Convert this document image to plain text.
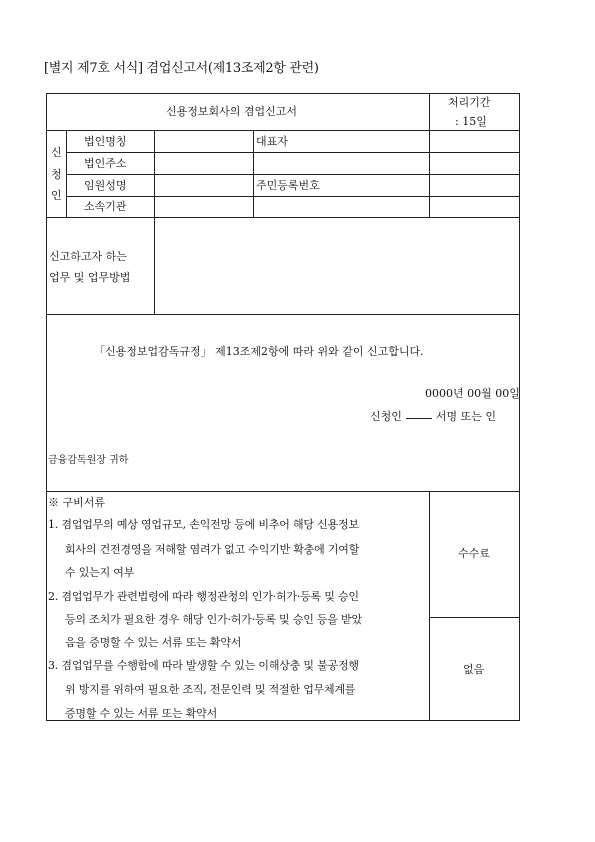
[별지 제7호 서식] 겸업신고서(제13조제2항 관련)
신용정보회사의 겸업신고서
처리기간
: 15일
신
청
인
법인명칭	대표자
법인주소
임원성명	주민등록번호
소속기관
신고하고자 하는
업무 및 업무방법
「신용정보업감독규정」 제13조제2항에 따라 위와 같이 신고합니다.
0000년 00월 00일
신청인	서명 또는 인
금융감독원장 귀하
※ 구비서류
1. 겸업업무의 예상 영업규모, 손익전망 등에 비추어 해당 신용정보
회사의 건전경영을 저해할 염려가 없고 수익기반 확충에 기여할
수 있는지 여부
2. 겸업업무가 관련법령에 따라 행정관청의 인가·허가·등록 및 승인
등의 조치가 필요한 경우 해당 인가·허가·등록 및 승인 등을 받았
음을 증명할 수 있는 서류 또는 확약서
3. 겸업업무를 수행함에 따라 발생할 수 있는 이해상충 및 불공정행
위 방지를 위하여 필요한 조직, 전문인력 및 적절한 업무체계를
증명할 수 있는 서류 또는 확약서
수수료
없음
